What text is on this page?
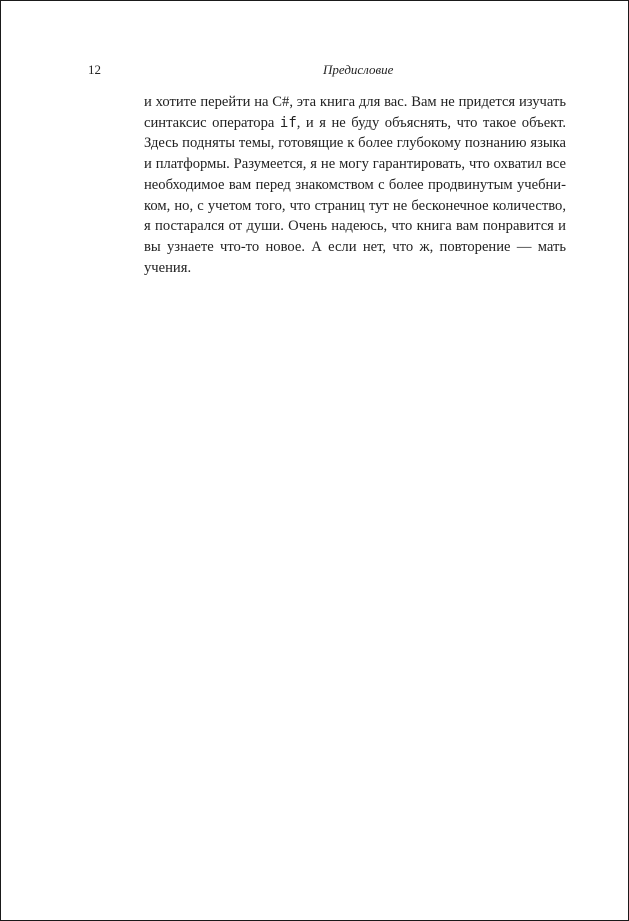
12	Предисловие

и хотите перейти на C#, эта книга для вас. Вам не придется изучать синтаксис оператора if, и я не буду объяснять, что такое объект. Здесь подняты темы, готовящие к более глубокому познанию языка и платформы. Разумеется, я не могу гарантировать, что охватил все необходимое вам перед знакомством с более продвинутым учебником, но, с учетом того, что страниц тут не бесконечное количество, я постарался от души. Очень надеюсь, что книга вам понравится и вы узнаете что-то новое. А если нет, что ж, повторение — мать учения.
